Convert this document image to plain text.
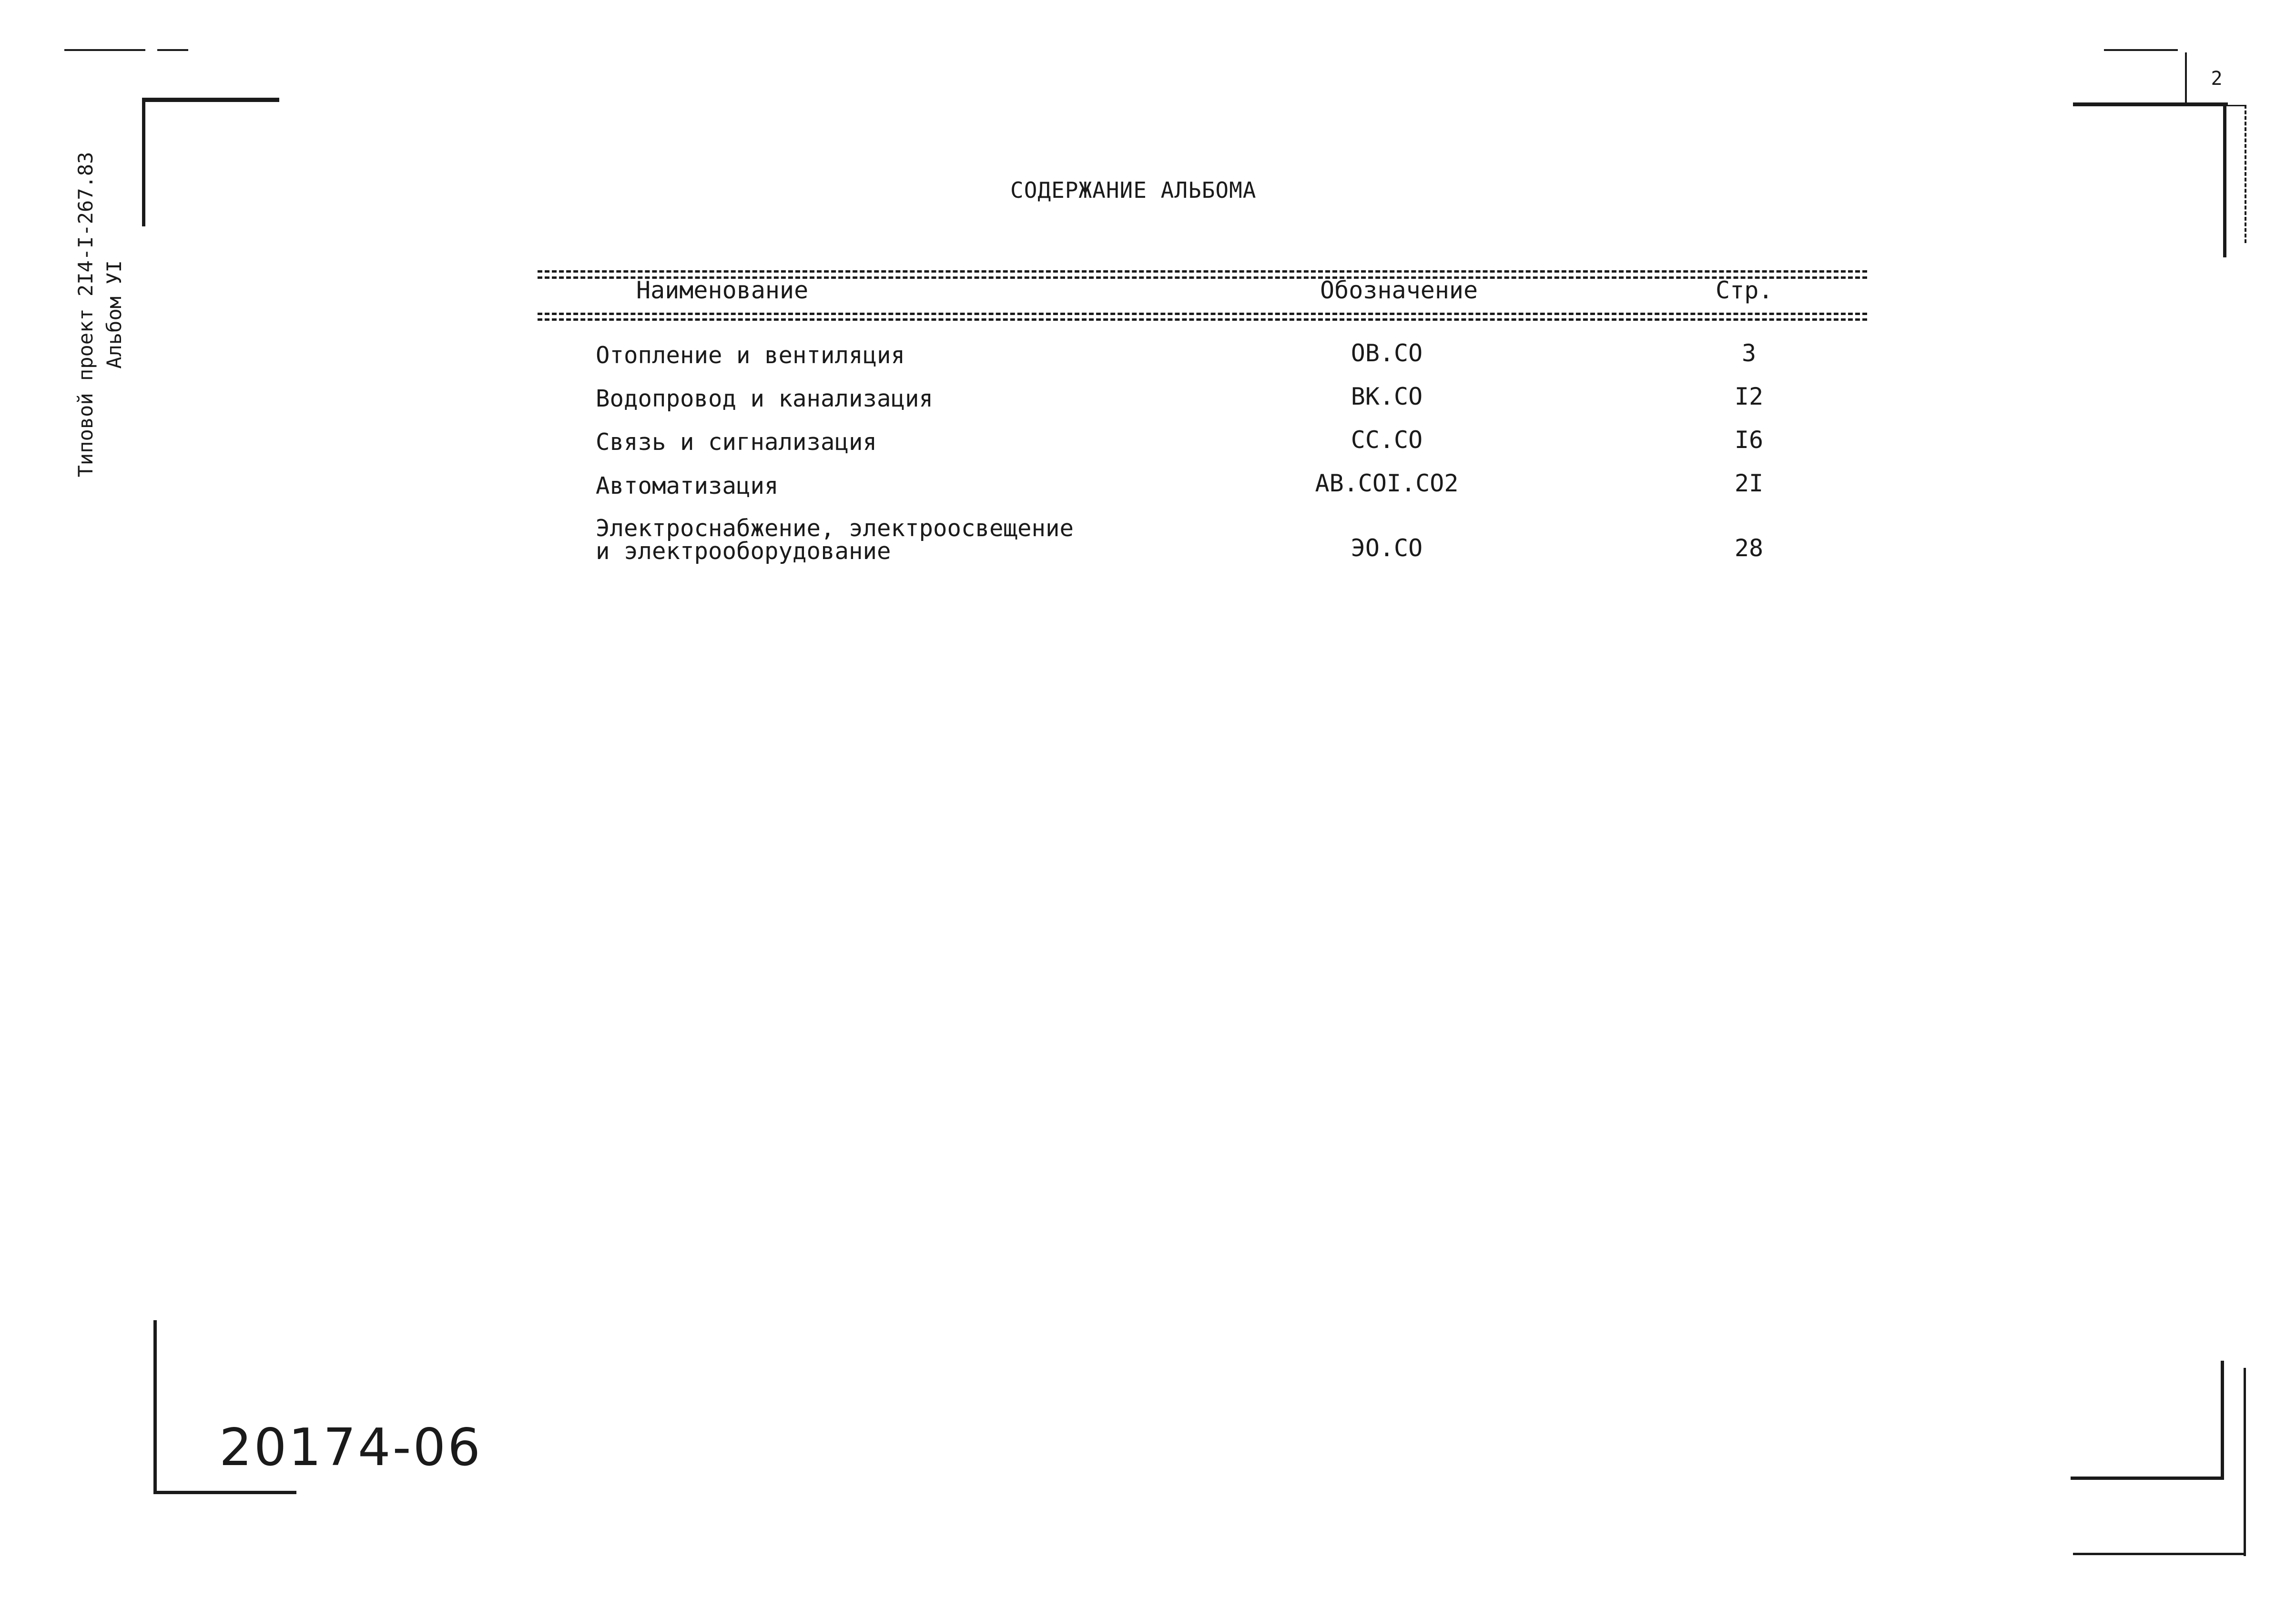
Типовой проект 2I4-I-267.83 Альбом УI
2
СОДЕРЖАНИЕ АЛЬБОМА
Наименование	Обозначение	Стр.
Отопление и вентиляция	ОВ.СО	3
Водопровод и канализация	ВК.СО	I2
Связь и сигнализация	СС.СО	I6
Автоматизация	АВ.СОI.СО2	2I
Электроснабжение, электроосвещение
и электрооборудование	ЭО.СО	28
20174-06
